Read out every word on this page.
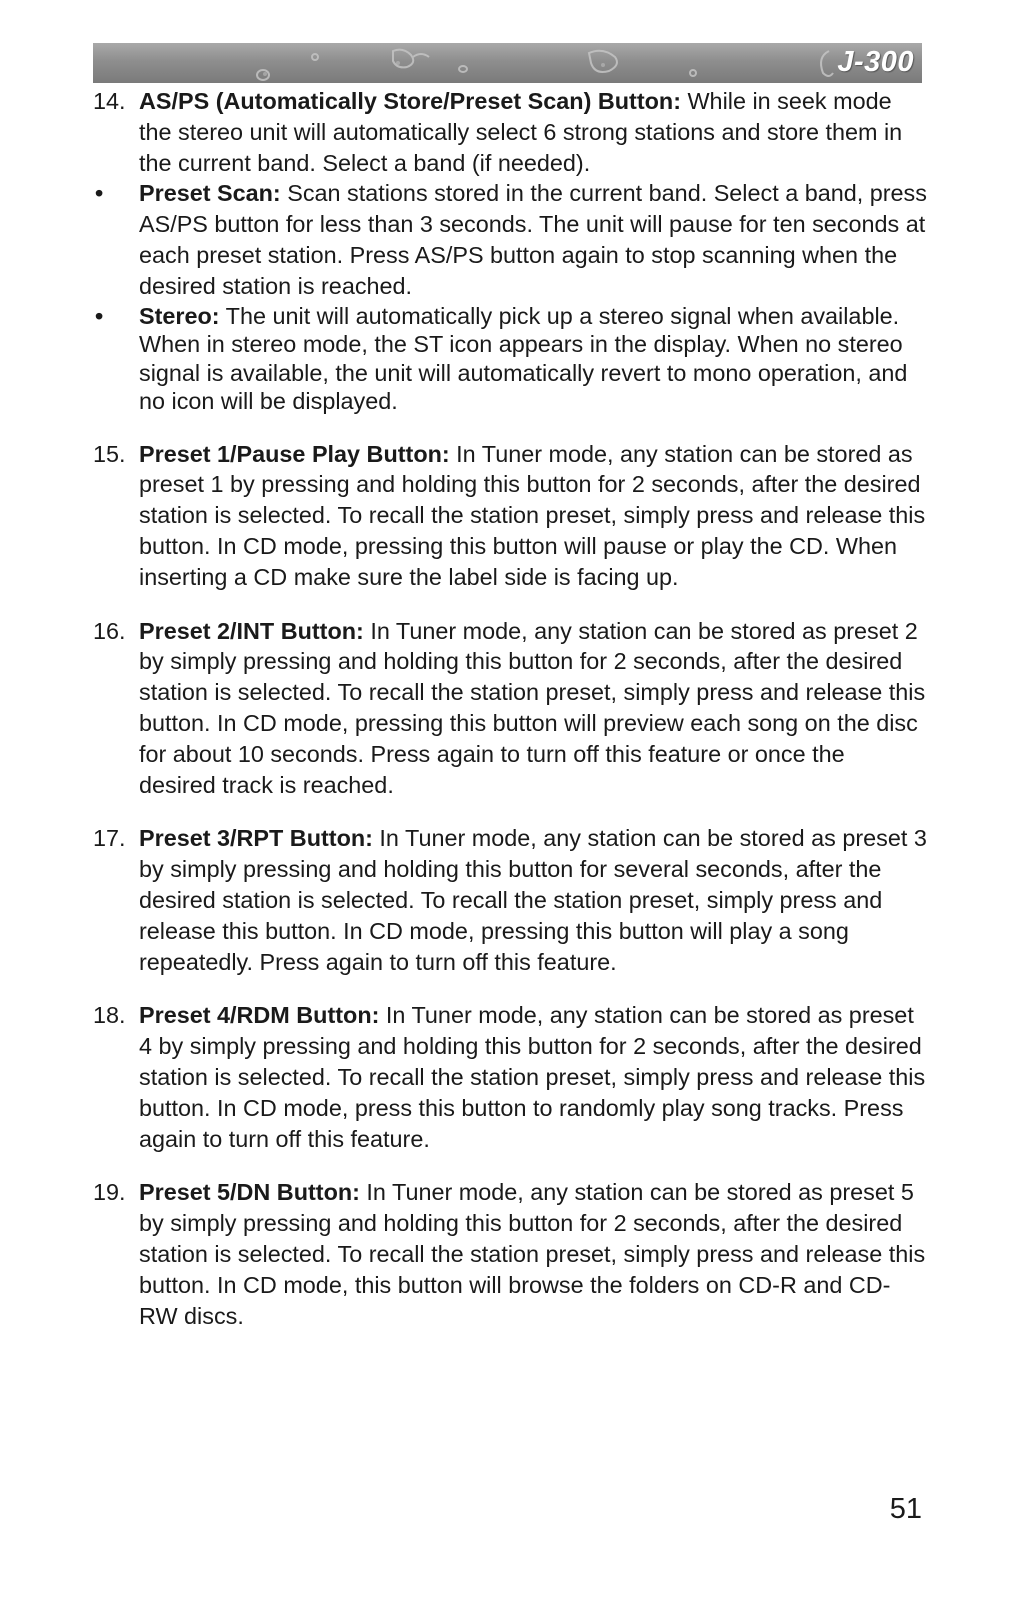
J-300
14. AS/PS (Automatically Store/Preset Scan) Button: While in seek mode the stereo unit will automatically select 6 strong stations and store them in the current band. Select a band (if needed).
• Preset Scan: Scan stations stored in the current band. Select a band, press AS/PS button for less than 3 seconds. The unit will pause for ten seconds at each preset station. Press AS/PS button again to stop scanning when the desired station is reached.
• Stereo: The unit will automatically pick up a stereo signal when available. When in stereo mode, the ST icon appears in the display. When no stereo signal is available, the unit will automatically revert to mono operation, and no icon will be displayed.
15. Preset 1/Pause Play Button: In Tuner mode, any station can be stored as preset 1 by pressing and holding this button for 2 seconds, after the desired station is selected. To recall the station preset, simply press and release this button. In CD mode, pressing this button will pause or play the CD. When inserting a CD make sure the label side is facing up.
16. Preset 2/INT Button: In Tuner mode, any station can be stored as preset 2 by simply pressing and holding this button for 2 seconds, after the desired station is selected. To recall the station preset, simply press and release this button. In CD mode, pressing this button will preview each song on the disc for about 10 seconds. Press again to turn off this feature or once the desired track is reached.
17. Preset 3/RPT Button: In Tuner mode, any station can be stored as preset 3 by simply pressing and holding this button for several seconds, after the desired station is selected. To recall the station preset, simply press and release this button. In CD mode, pressing this button will play a song repeatedly. Press again to turn off this feature.
18. Preset 4/RDM Button: In Tuner mode, any station can be stored as preset 4 by simply pressing and holding this button for 2 seconds, after the desired station is selected. To recall the station preset, simply press and release this button. In CD mode, press this button to randomly play song tracks. Press again to turn off this feature.
19. Preset 5/DN Button: In Tuner mode, any station can be stored as preset 5 by simply pressing and holding this button for 2 seconds, after the desired station is selected. To recall the station preset, simply press and release this button. In CD mode, this button will browse the folders on CD-R and CD-RW discs.
51
